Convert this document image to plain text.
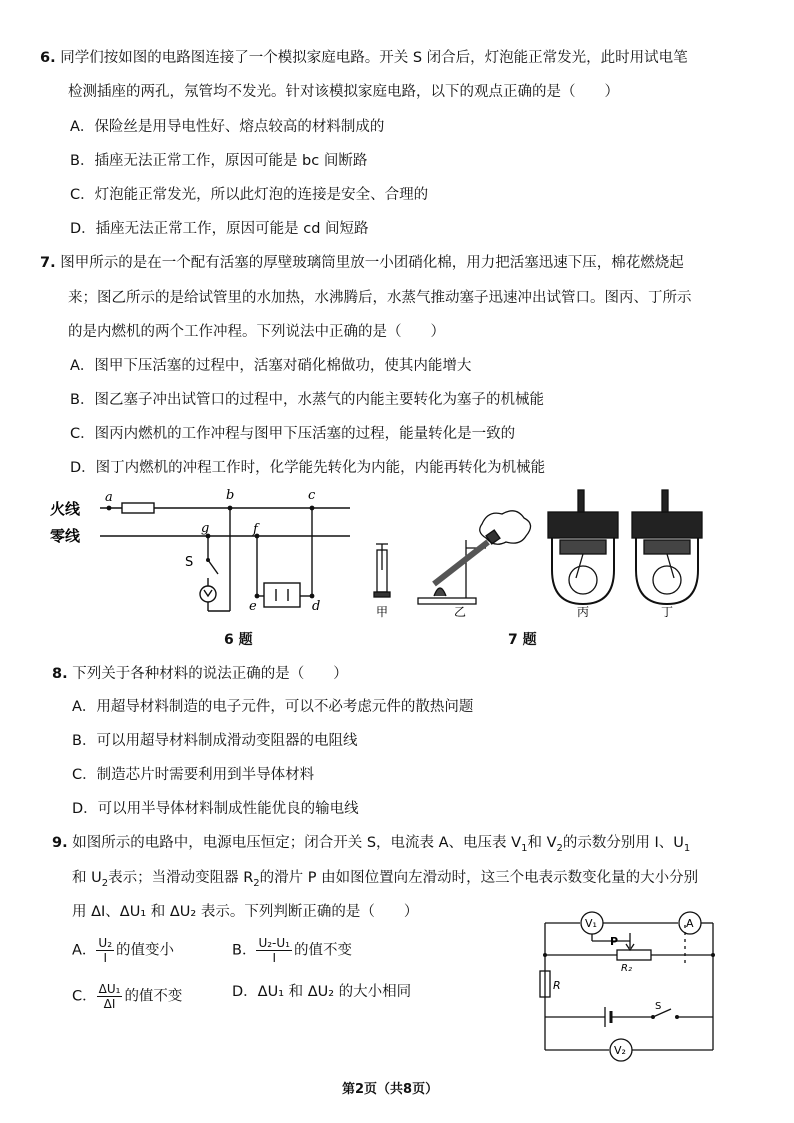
6. 同学们按如图的电路图连接了一个模拟家庭电路。开关 S 闭合后，灯泡能正常发光，此时用试电笔
检测插座的两孔，氖管均不发光。针对该模拟家庭电路，以下的观点正确的是（　　）
A．保险丝是用导电性好、熔点较高的材料制成的
B．插座无法正常工作，原因可能是 bc 间断路
C．灯泡能正常发光，所以此灯泡的连接是安全、合理的
D．插座无法正常工作，原因可能是 cd 间短路
7. 图甲所示的是在一个配有活塞的厚壁玻璃筒里放一小团硝化棉，用力把活塞迅速下压，棉花燃烧起
来；图乙所示的是给试管里的水加热，水沸腾后，水蒸气推动塞子迅速冲出试管口。图丙、丁所示
的是内燃机的两个工作冲程。下列说法中正确的是（　　）
A．图甲下压活塞的过程中，活塞对硝化棉做功，使其内能增大
B．图乙塞子冲出试管口的过程中，水蒸气的内能主要转化为塞子的机械能
C．图丙内燃机的工作冲程与图甲下压活塞的过程，能量转化是一致的
D．图丁内燃机的冲程工作时，化学能先转化为内能，内能再转化为机械能
火线
零线
a	b	c
d
e
f
g
S
6 题
甲	乙	丙	丁
7 题
8. 下列关于各种材料的说法正确的是（　　）
A．用超导材料制造的电子元件，可以不必考虑元件的散热问题
B．可以用超导材料制成滑动变阻器的电阻线
C．制造芯片时需要利用到半导体材料
D．可以用半导体材料制成性能优良的输电线
9. 如图所示的电路中，电源电压恒定；闭合开关 S，电流表 A、电压表 $V_1$和 $V_2$的示数分别用 I、$U_1$
和 $U_2$表示；当滑动变阻器 $R_2$的滑片 P 由如图位置向左滑动时，这三个电表示数变化量的大小分别
用 ΔI、ΔU₁ 和 ΔU₂ 表示。下列判断正确的是（　　）
A． $\frac{\text{U₂}}{I}$ 的值变小	B． $\frac{\text{U₂-U₁}}{I}$ 的值不变
C． $\frac{\text{ΔU₁}}{\Delta I}$ 的值不变	D．ΔU₁ 和 ΔU₂ 的大小相同
V₁	A
V₂
P
R₂
R
S
第2页（共8页）
